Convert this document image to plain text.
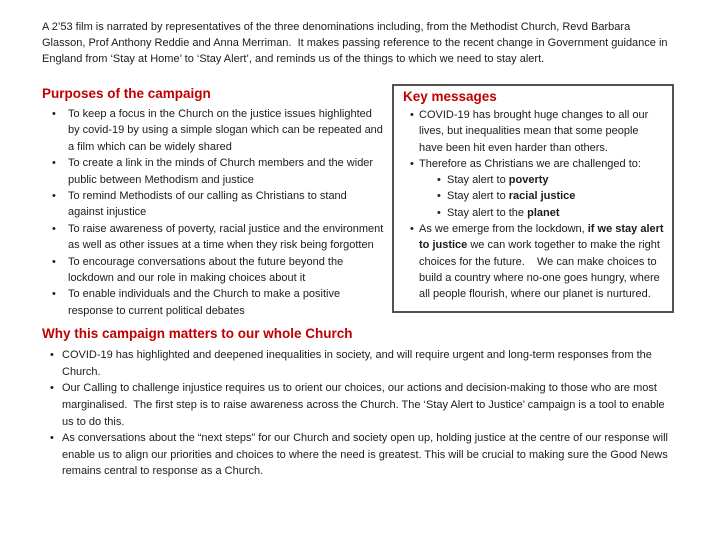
A 2’53 film is narrated by representatives of the three denominations including, from the Methodist Church, Revd Barbara Glasson, Prof Anthony Reddie and Anna Merriman.  It makes passing reference to the recent change in Government guidance in England from ‘Stay at Home’ to ‘Stay Alert’, and reminds us of the things to which we need to stay alert.

Purposes of the campaign
•	To keep a focus in the Church on the justice issues highlighted by covid-19 by using a simple slogan which can be repeated and a film which can be widely shared
•	To create a link in the minds of Church members and the wider public between Methodism and justice
•	To remind Methodists of our calling as Christians to stand against injustice
•	To raise awareness of poverty, racial justice and the environment as well as other issues at a time when they risk being forgotten
•	To encourage conversations about the future beyond the lockdown and our role in making choices about it
•	To enable individuals and the Church to make a positive response to current political debates
Key messages
• COVID-19 has brought huge changes to all our lives, but inequalities mean that some people have been hit even harder than others.
• Therefore as Christians we are challenged to:
• Stay alert to poverty
• Stay alert to racial justice
• Stay alert to the planet
• As we emerge from the lockdown, if we stay alert to justice we can work together to make the right choices for the future.    We can make choices to build a country where no-one goes hungry, where all people flourish, where our planet is nurtured.
Why this campaign matters to our whole Church
• COVID-19 has highlighted and deepened inequalities in society, and will require urgent and long-term responses from the Church.
• Our Calling to challenge injustice requires us to orient our choices, our actions and decision-making to those who are most marginalised.  The first step is to raise awareness across the Church. The ‘Stay Alert to Justice’ campaign is a tool to enable us to do this.
• As conversations about the “next steps” for our Church and society open up, holding justice at the centre of our response will enable us to align our priorities and choices to where the need is greatest. This will be crucial to making sure the Good News remains central to response as a Church.
